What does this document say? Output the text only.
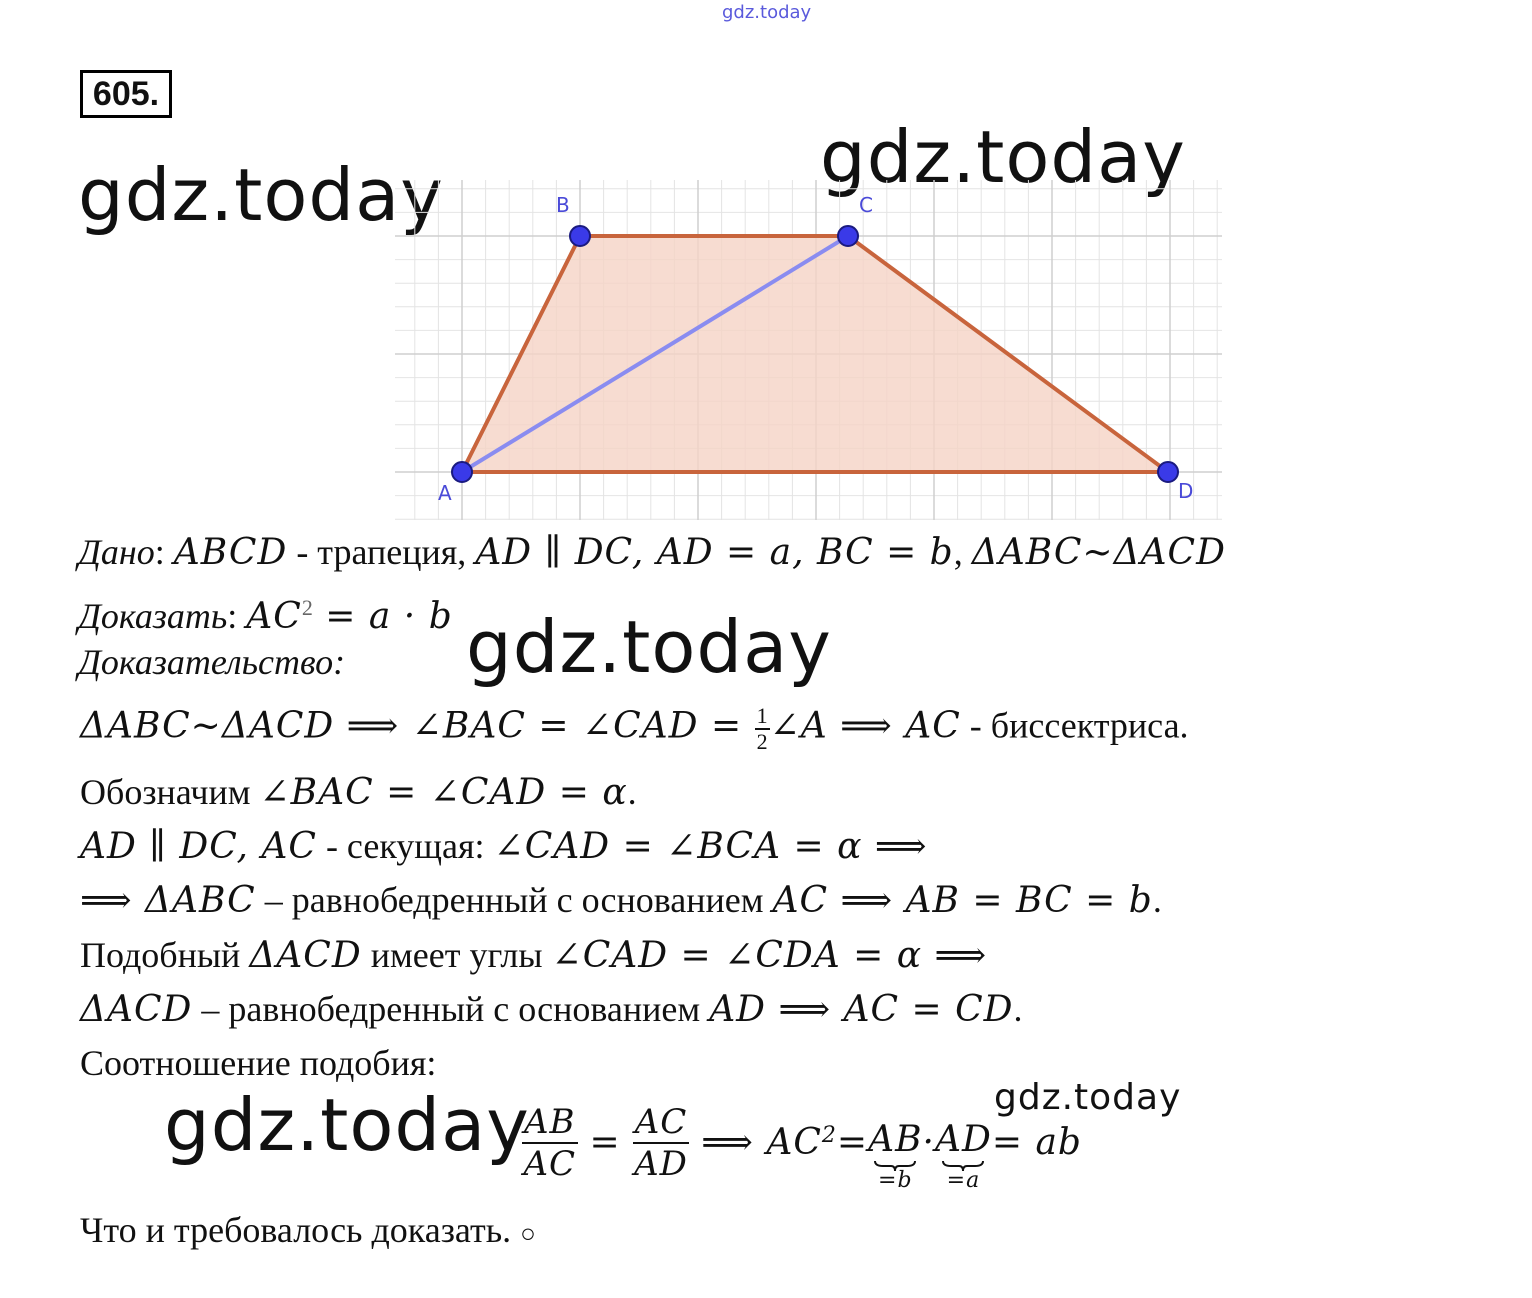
gdz.today
605.
gdz.today	gdz.today
A
B	C
D
Дано: ABCD - трапеция, AD ∥ DC, AD = a, BC = b, ΔABC~ΔACD
Доказать: $AC^2 = a \cdot b$
Доказательство: gdz.today
ΔABC~ΔACD ⟹ ∠BAC = ∠CAD = $\frac{1}{2}$ ∠A ⟹ AC - биссектриса.
Обозначим ∠BAC = ∠CAD = α.
AD ∥ DC, AC - секущая: ∠CAD = ∠BCA = α ⟹
⟹ ΔABC – равнобедренный с основанием AC ⟹ AB = BC = b.
Подобный ΔACD имеет углы ∠CAD = ∠CDA = α ⟹
ΔACD – равнобедренный с основанием AD ⟹ AC = CD.
Соотношение подобия:
gdz.today	gdz.today
$\frac{AB}{AC} = \frac{AC}{AD}$ ⟹ AC 2 = AB
=b
· AD
=a
= ab
Что и требовалось доказать. ○
